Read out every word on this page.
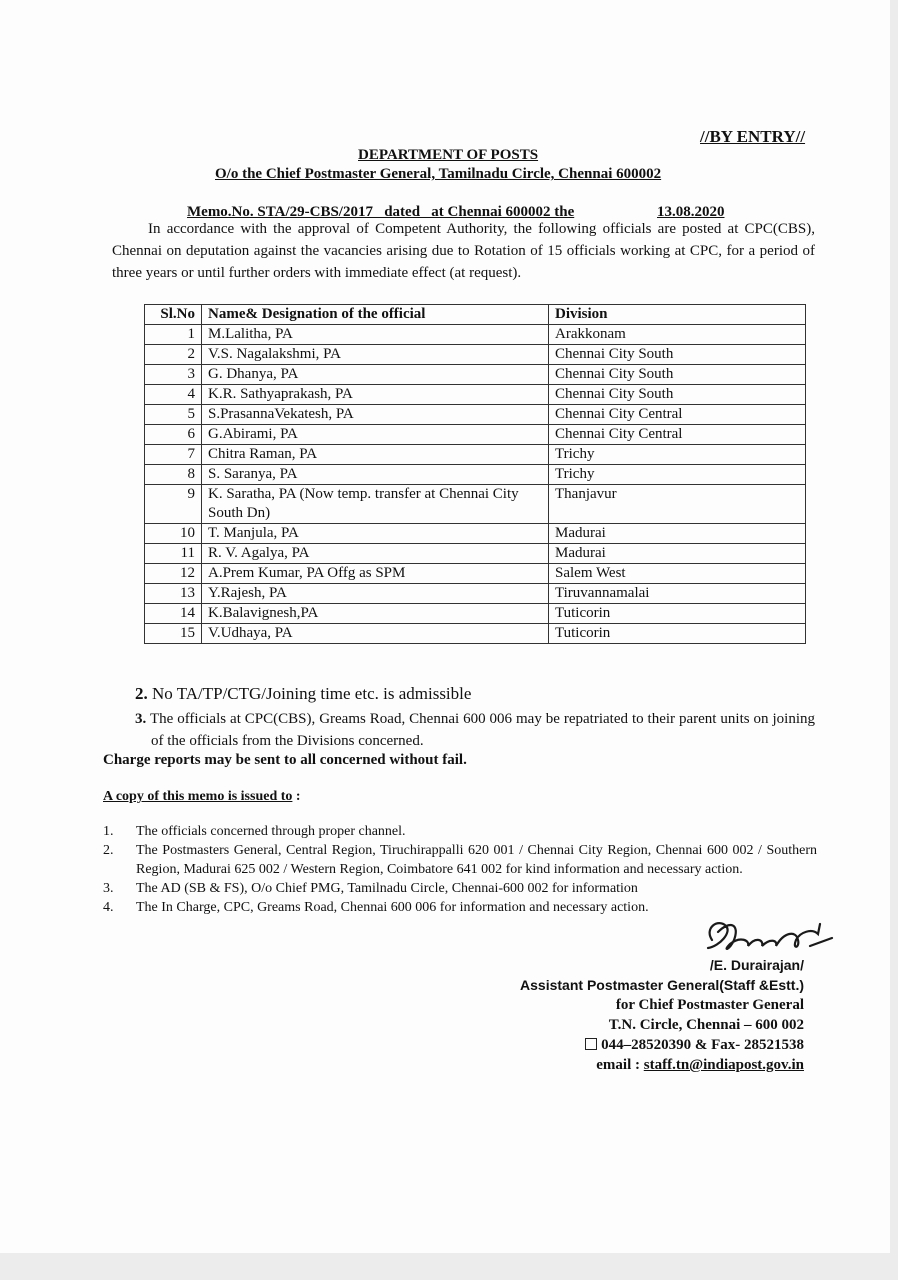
//BY ENTRY//
DEPARTMENT OF POSTS
O/o the Chief Postmaster General, Tamilnadu Circle, Chennai 600002
Memo.No. STA/29-CBS/2017   dated   at Chennai 600002 the	13.08.2020

In accordance with the approval of Competent Authority, the following officials are posted at CPC(CBS), Chennai on deputation against the vacancies arising due to Rotation of 15 officials working at CPC, for a period of three years or until further orders with immediate effect (at request).

Sl.No	Name& Designation of the official	Division
1	M.Lalitha, PA	Arakkonam
2	V.S. Nagalakshmi, PA	Chennai City South
3	G. Dhanya, PA	Chennai City South
4	K.R. Sathyaprakash, PA	Chennai City South
5	S.PrasannaVekatesh, PA	Chennai City Central
6	G.Abirami, PA	Chennai City Central
7	Chitra Raman, PA	Trichy
8	S. Saranya, PA	Trichy
9	K. Saratha, PA (Now temp. transfer at Chennai City South Dn)	Thanjavur
10	T. Manjula, PA	Madurai
11	R. V. Agalya, PA	Madurai
12	A.Prem Kumar, PA Offg as SPM	Salem West
13	Y.Rajesh, PA	Tiruvannamalai
14	K.Balavignesh,PA	Tuticorin
15	V.Udhaya, PA	Tuticorin
2. No TA/TP/CTG/Joining time etc. is admissible
3. The officials at CPC(CBS), Greams Road, Chennai 600 006 may be repatriated to their parent units on joining of the officials from the Divisions concerned.
Charge reports may be sent to all concerned without fail.
A copy of this memo is issued to :
1. The officials concerned through proper channel.
2. The Postmasters General, Central Region, Tiruchirappalli 620 001 / Chennai City Region, Chennai 600 002 / Southern Region, Madurai 625 002 / Western Region, Coimbatore 641 002 for kind information and necessary action.
3. The AD (SB & FS), O/o Chief PMG, Tamilnadu Circle, Chennai-600 002 for information
4. The In Charge, CPC, Greams Road, Chennai 600 006 for information and necessary action.
/E. Durairajan/
Assistant Postmaster General(Staff &Estt.)
for Chief Postmaster General
T.N. Circle, Chennai – 600 002
044–28520390 & Fax- 28521538
email : staff.tn@indiapost.gov.in
